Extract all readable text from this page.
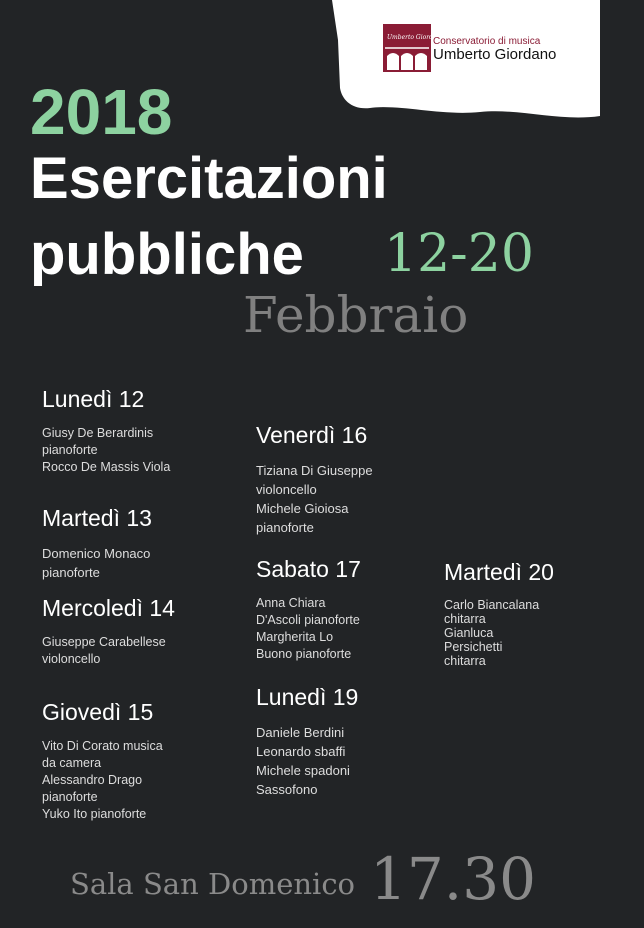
Umberto Giordano
Conservatorio di musica
Umberto Giordano
2018
Esercitazioni
pubbliche 12-20
Febbraio
Lunedì 12
Giusy De Berardinis
pianoforte
Rocco De Massis Viola
Martedì 13
Domenico Monaco
pianoforte
Mercoledì 14
Giuseppe Carabellese
violoncello
Giovedì 15
Vito Di Corato musica
da camera
Alessandro Drago
pianoforte
Yuko Ito pianoforte
Venerdì 16
Tiziana Di Giuseppe
violoncello
Michele Gioiosa
pianoforte
Sabato 17
Anna Chiara
D'Ascoli pianoforte
Margherita Lo
Buono pianoforte
Lunedì 19
Daniele Berdini
Leonardo sbaffi
Michele spadoni
Sassofono
Martedì 20
Carlo Biancalana
chitarra
Gianluca
Persichetti
chitarra
Sala San Domenico 17.30
